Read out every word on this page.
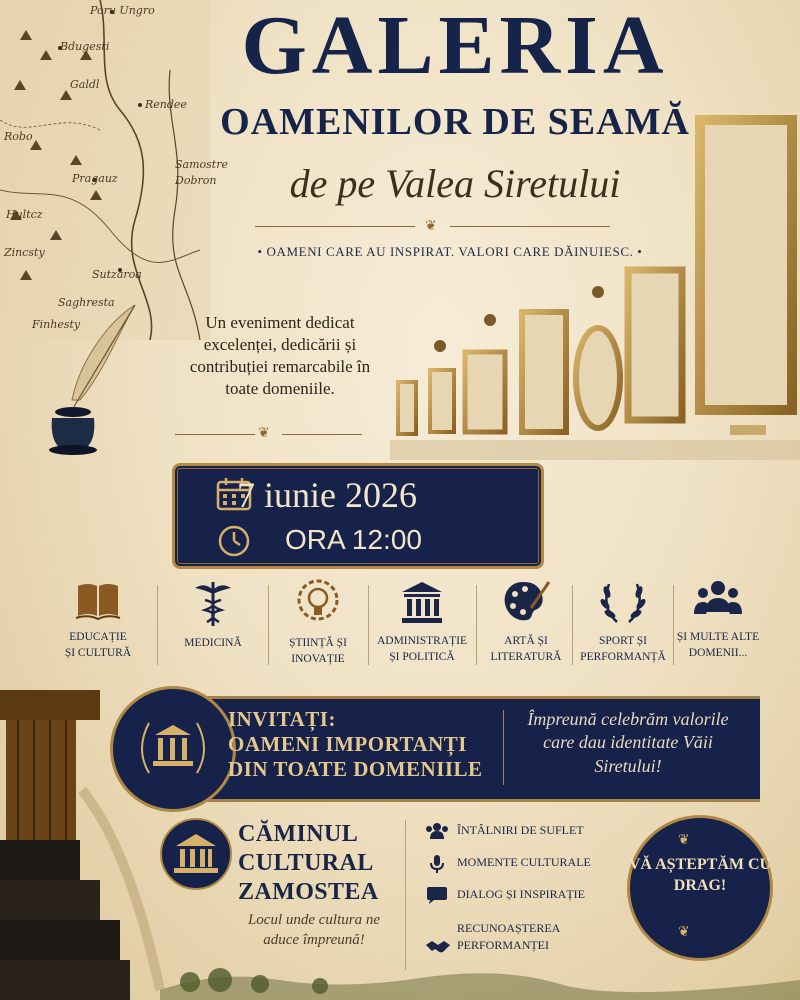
Poru Ungro
Bdugesti
Galdl
Rendee
Robo
Pragauz
Samostre
Dobron
Hultcz
Zincsty
Sutzaroa
Saghresta
Finhesty
GALERIA
OAMENILOR DE SEAMĂ
de pe Valea Siretului
❦
• OAMENI CARE AU INSPIRAT. VALORI CARE DĂINUIESC. •
Un eveniment dedicat excelenței, dedicării și contribuției remarcabile în toate domeniile.
❦
7 iunie 2026
ORA 12:00
EDUCAȚIE
ȘI CULTURĂ
MEDICINĂ	ȘTIINȚĂ ȘI
INOVAȚIE
ADMINISTRAȚIE
ȘI POLITICĂ
ARTĂ ȘI
LITERATURĂ
SPORT ȘI
PERFORMANȚĂ
ȘI MULTE ALTE
DOMENII...
INVITAȚI:
OAMENI IMPORTANȚI
DIN TOATE DOMENIILE
Împreună celebrăm valorile care dau identitate Văii Siretului!
CĂMINUL
CULTURAL
ZAMOSTEA
Locul unde cultura ne aduce împreună!
ÎNTÂLNIRI DE SUFLET
MOMENTE CULTURALE
DIALOG ȘI INSPIRAȚIE

RECUNOAȘTEREA
PERFORMANȚEI

❦
VĂ AȘTEPTĂM CU DRAG!
❦
